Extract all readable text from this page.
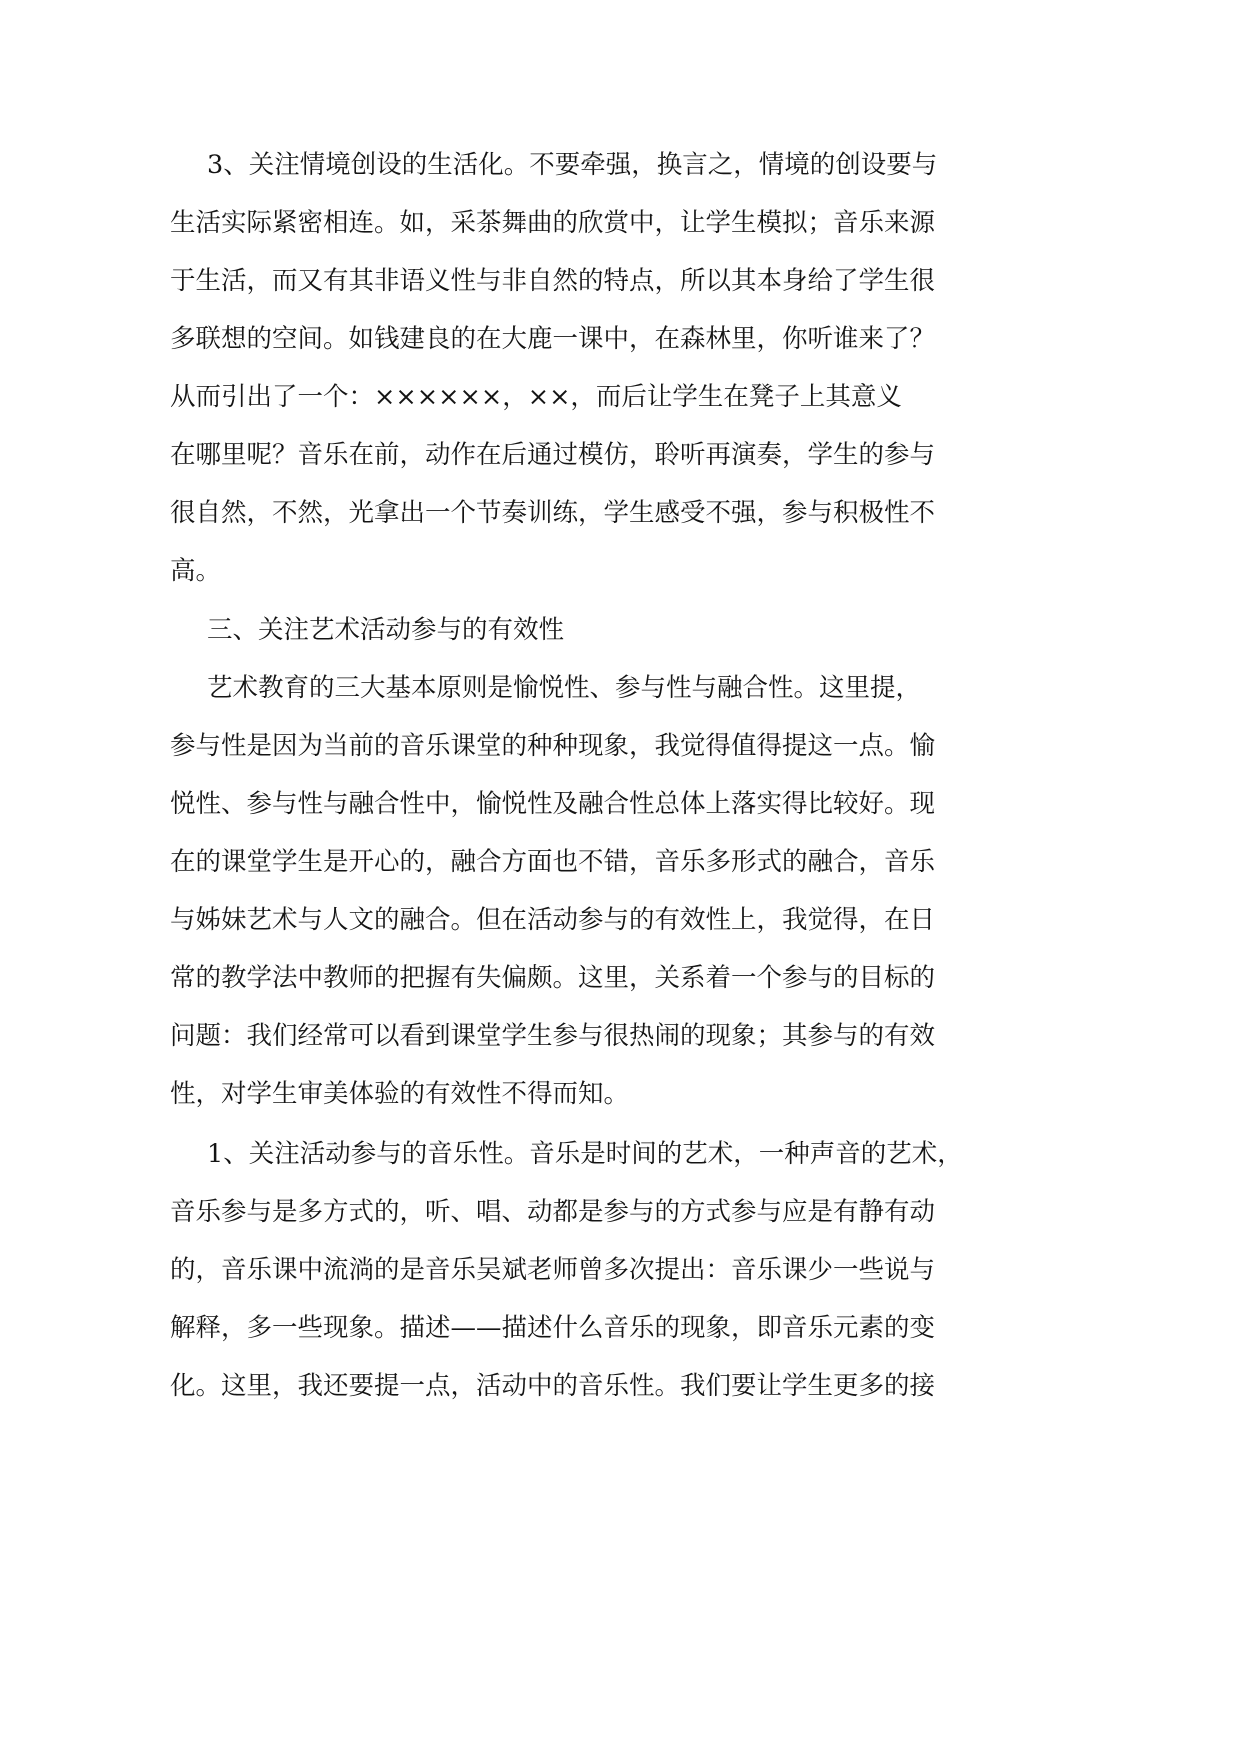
3、关注情境创设的生活化。不要牵强，换言之，情境的创设要与
生活实际紧密相连。如，采茶舞曲的欣赏中，让学生模拟；音乐来源
于生活，而又有其非语义性与非自然的特点，所以其本身给了学生很
多联想的空间。如钱建良的在大鹿一课中，在森林里，你听谁来了？
从而引出了一个：××××××，××，而后让学生在凳子上其意义
在哪里呢？音乐在前，动作在后通过模仿，聆听再演奏，学生的参与
很自然，不然，光拿出一个节奏训练，学生感受不强，参与积极性不
高。
三、关注艺术活动参与的有效性
艺术教育的三大基本原则是愉悦性、参与性与融合性。这里提，
参与性是因为当前的音乐课堂的种种现象，我觉得值得提这一点。愉
悦性、参与性与融合性中，愉悦性及融合性总体上落实得比较好。现
在的课堂学生是开心的，融合方面也不错，音乐多形式的融合，音乐
与姊妹艺术与人文的融合。但在活动参与的有效性上，我觉得，在日
常的教学法中教师的把握有失偏颇。这里，关系着一个参与的目标的
问题：我们经常可以看到课堂学生参与很热闹的现象；其参与的有效
性，对学生审美体验的有效性不得而知。
1、关注活动参与的音乐性。音乐是时间的艺术，一种声音的艺术，
音乐参与是多方式的，听、唱、动都是参与的方式参与应是有静有动
的，音乐课中流淌的是音乐吴斌老师曾多次提出：音乐课少一些说与
解释，多一些现象。描述——描述什么音乐的现象，即音乐元素的变
化。这里，我还要提一点，活动中的音乐性。我们要让学生更多的接
